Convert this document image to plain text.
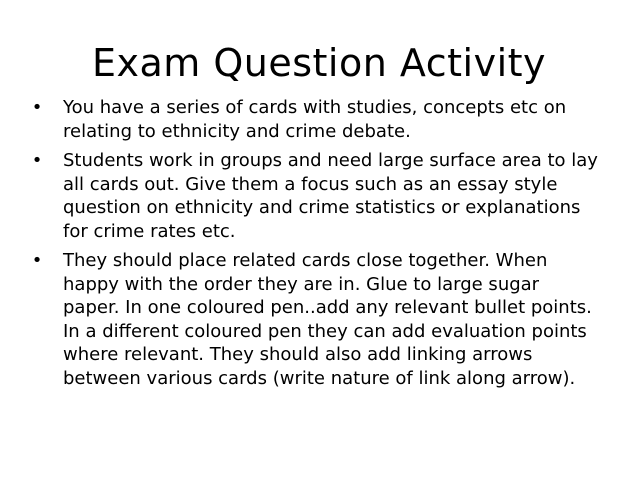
Exam Question Activity
• You have a series of cards with studies, concepts etc on relating to ethnicity and crime debate.
• Students work in groups and need large surface area to lay all cards out. Give them a focus such as an essay style question on ethnicity and crime statistics or explanations for crime rates etc.
• They should place related cards close together. When happy with the order they are in. Glue to large sugar paper. In one coloured pen..add any relevant bullet points. In a different coloured pen they can add evaluation points where relevant. They should also add linking arrows between various cards (write nature of link along arrow).
